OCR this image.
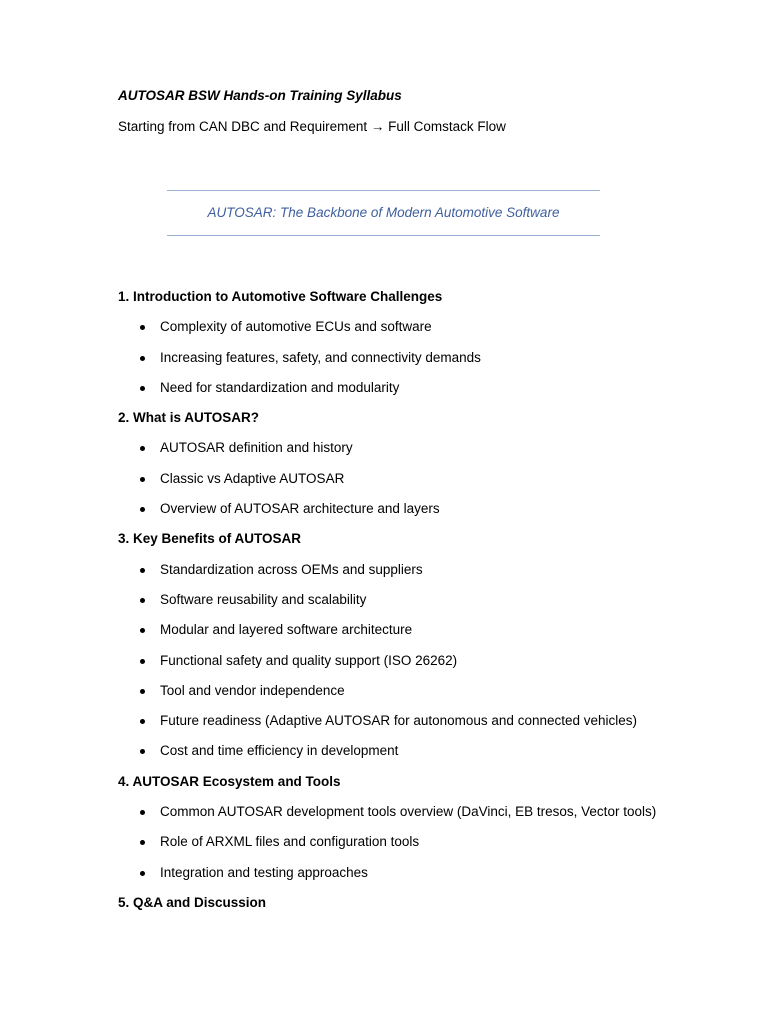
AUTOSAR BSW Hands-on Training Syllabus
Starting from CAN DBC and Requirement → Full Comstack Flow
AUTOSAR: The Backbone of Modern Automotive Software
1. Introduction to Automotive Software Challenges
Complexity of automotive ECUs and software
Increasing features, safety, and connectivity demands
Need for standardization and modularity
2. What is AUTOSAR?
AUTOSAR definition and history
Classic vs Adaptive AUTOSAR
Overview of AUTOSAR architecture and layers
3. Key Benefits of AUTOSAR
Standardization across OEMs and suppliers
Software reusability and scalability
Modular and layered software architecture
Functional safety and quality support (ISO 26262)
Tool and vendor independence
Future readiness (Adaptive AUTOSAR for autonomous and connected vehicles)
Cost and time efficiency in development
4. AUTOSAR Ecosystem and Tools
Common AUTOSAR development tools overview (DaVinci, EB tresos, Vector tools)
Role of ARXML files and configuration tools
Integration and testing approaches
5. Q&A and Discussion
